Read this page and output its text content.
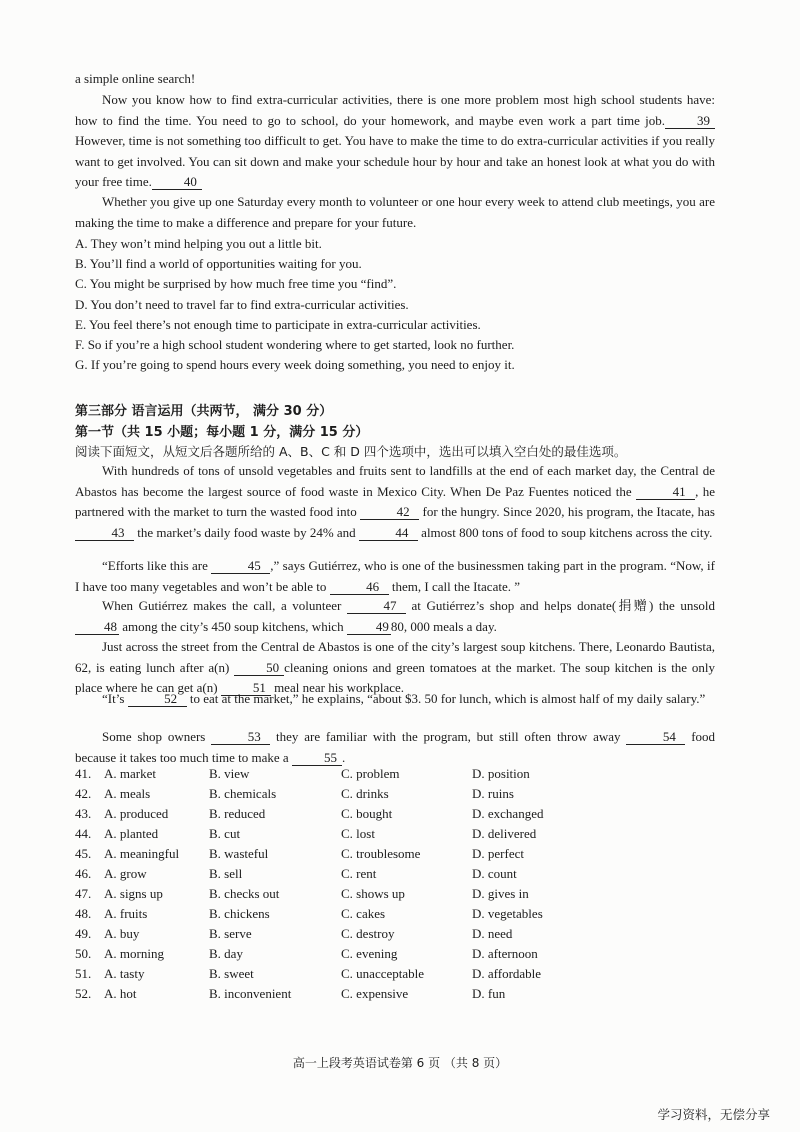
a simple online search!

Now you know how to find extra-curricular activities, there is one more problem most high school students have: how to find the time. You need to go to school, do your homework, and maybe even work a part time job. 39However, time is not something too difficult to get. You have to make the time to do extra-curricular activities if you really want to get involved. You can sit down and make your schedule hour by hour and take an honest look at what you do with your free time. 40

Whether you give up one Saturday every month to volunteer or one hour every week to attend club meetings, you are making the time to make a difference and prepare for your future.

A. They won’t mind helping you out a little bit.

B. You’ll find a world of opportunities waiting for you.

C. You might be surprised by how much free time you “find”.

D. You don’t need to travel far to find extra-curricular activities.

E. You feel there’s not enough time to participate in extra-curricular activities.

F. So if you’re a high school student wondering where to get started, look no further.

G. If you’re going to spend hours every week doing something, you need to enjoy it.

第三部分 语言运用（共两节， 满分 30 分）

第一节（共 15 小题；每小题 1 分，满分 15 分）

阅读下面短文，从短文后各题所给的 A、B、C 和 D 四个选项中，选出可以填入空白处的最佳选项。

With hundreds of tons of unsold vegetables and fruits sent to landfills at the end of each market day, the Central de Abastos has become the largest source of food waste in Mexico City. When De Paz Fuentes noticed the	41 , he partnered with the market to turn the wasted food into	42 for the hungry. Since 2020, his program, the Itacate, has 43 the market’s daily food waste by 24% and	44 almost 800 tons of food to soup kitchens across the city.

“Efforts like this are	45 ,” says Gutiérrez, who is one of the businessmen taking part in the program. “Now, if I have too many vegetables and won’t be able to	46 them, I call the Itacate. ”

When Gutiérrez makes the call, a volunteer	47 at Gutiérrez’s shop and helps donate(捐赠) the unsold 48 among the city’s 450 soup kitchens, which 49 80, 000 meals a day.

Just across the street from the Central de Abastos is one of the city’s largest soup kitchens. There, Leonardo Bautista, 62, is eating lunch after a(n)	50 cleaning onions and green tomatoes at the market. The soup kitchen is the only place where he can get a(n)	51 meal near his workplace.

“It’s	52 to eat at the market,” he explains, “about $3. 50 for lunch, which is almost half of my daily salary.”

Some shop owners	53 they are familiar with the program, but still often throw away	54 food because it takes too much time to make a	55 .

41. A. market	B. view	C. problem	D. position
42. A. meals	B. chemicals	C. drinks	D. ruins
43. A. produced	B. reduced	C. bought	D. exchanged
44. A. planted	B. cut	C. lost	D. delivered
45. A. meaningful B. wasteful	C. troublesome	D. perfect
46. A. grow	B. sell	C. rent	D. count
47. A. signs up	B. checks out	C. shows up	D. gives in
48. A. fruits	B. chickens	C. cakes	D. vegetables
49. A. buy	B. serve	C. destroy	D. need
50. A. morning	B. day	C. evening	D. afternoon
51. A. tasty	B. sweet	C. unacceptable	D. affordable
52. A. hot	B. inconvenient	C. expensive	D. fun
高一上段考英语试卷第 6 页 （共 8 页）
学习资料，无偿分享
